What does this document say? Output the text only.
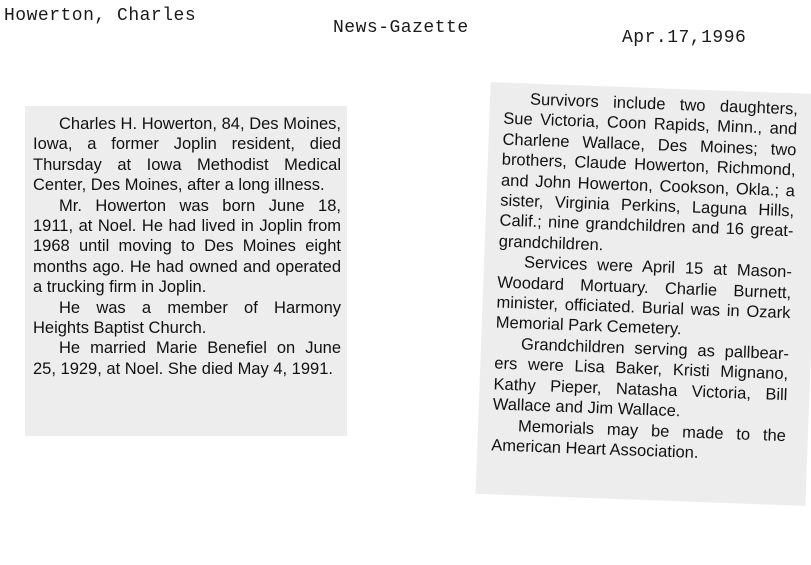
Howerton, Charles
News-Gazette	Apr.17,1996

Charles H. Howerton, 84, Des Moines, Iowa, a former Joplin resident, died Thursday at Iowa Methodist Medical Center, Des Moines, after a long illness.

Mr. Howerton was born June 18, 1911, at Noel. He had lived in Joplin from 1968 until moving to Des Moines eight months ago. He had owned and operated a trucking firm in Joplin.

He was a member of Harmony Heights Baptist Church.

He married Marie Benefiel on June 25, 1929, at Noel. She died May 4, 1991.

Survivors include two daughters, Sue Victoria, Coon Rapids, Minn., and Charlene Wallace, Des Moines; two brothers, Claude Howerton, Richmond, and John Howerton, Cookson, Okla.; a sister, Virginia Perkins, Laguna Hills, Calif.; nine grandchildren and 16 great-grandchildren.

Services were April 15 at Mason-Woodard Mortuary. Charlie Burnett, minister, officiated. Burial was in Ozark Memorial Park Cemetery.

Grandchildren serving as pallbearers were Lisa Baker, Kristi Mignano, Kathy Pieper, Natasha Victoria, Bill Wallace and Jim Wallace.

Memorials may be made to the American Heart Association.
